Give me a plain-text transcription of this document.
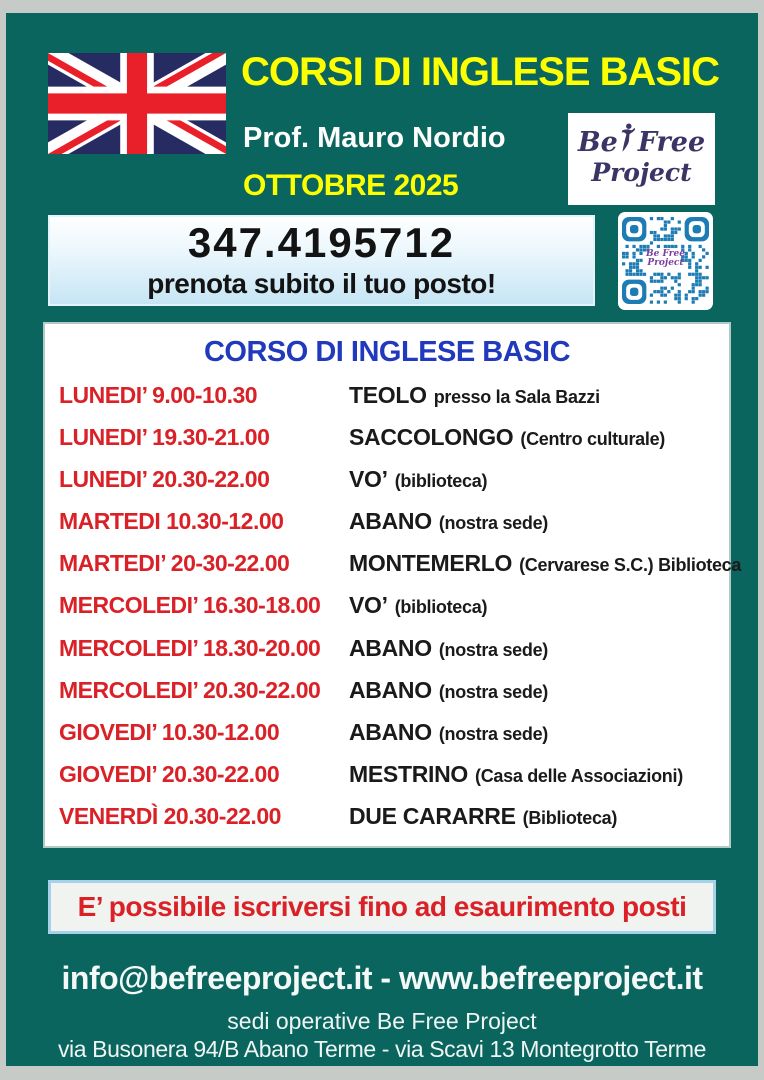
CORSI DI INGLESE BASIC
Prof. Mauro Nordio
OTTOBRE 2025
Be Free
Project
347.4195712
prenota subito il tuo posto!
Be Free
Project
CORSO DI INGLESE BASIC
LUNEDI’ 9.00-10.30	TEOLO presso la Sala Bazzi
LUNEDI’ 19.30-21.00	SACCOLONGO (Centro culturale)
LUNEDI’ 20.30-22.00	VO’ (biblioteca)
MARTEDI 10.30-12.00	ABANO (nostra sede)
MARTEDI’ 20-30-22.00	MONTEMERLO (Cervarese S.C.) Biblioteca
MERCOLEDI’ 16.30-18.00	VO’ (biblioteca)
MERCOLEDI’ 18.30-20.00	ABANO (nostra sede)
MERCOLEDI’ 20.30-22.00	ABANO (nostra sede)
GIOVEDI’ 10.30-12.00	ABANO (nostra sede)
GIOVEDI’ 20.30-22.00	MESTRINO (Casa delle Associazioni)
VENERDÌ 20.30-22.00	DUE CARARRE (Biblioteca)
E’ possibile iscriversi fino ad esaurimento posti
info@befreeproject.it - www.befreeproject.it
sedi operative Be Free Project
via Busonera 94/B Abano Terme - via Scavi 13 Montegrotto Terme
